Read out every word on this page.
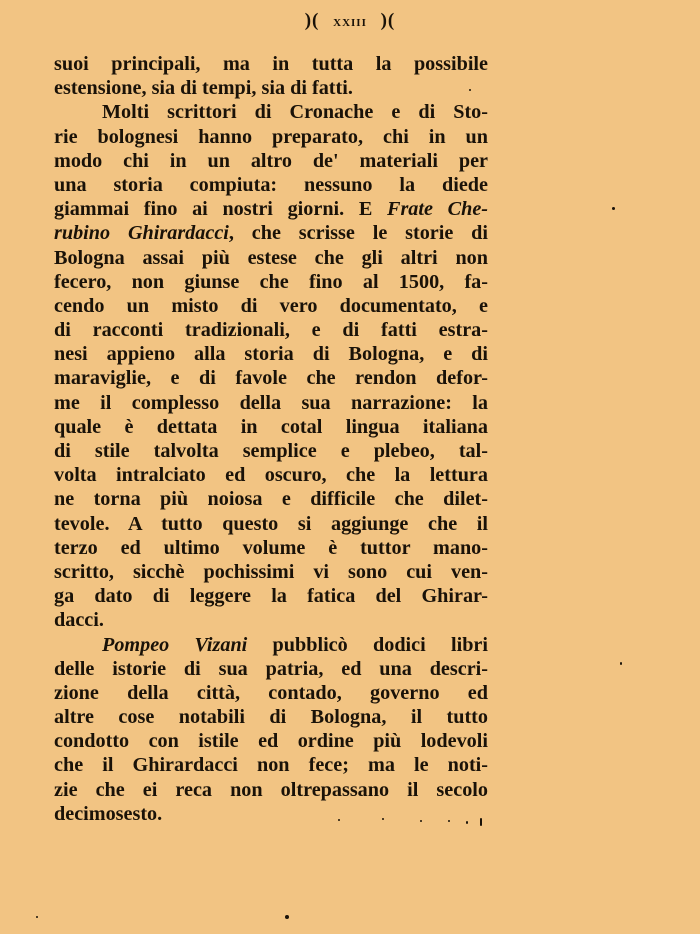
)( xxiii )(
suoi principali, ma in tutta la possibile
estensione, sia di tempi, sia di fatti.
Molti scrittori di Cronache e di Sto-
rie bolognesi hanno preparato, chi in un
modo chi in un altro de' materiali per
una storia compiuta: nessuno la diede
giammai fino ai nostri giorni. E Frate Che-
rubino Ghirardacci, che scrisse le storie di
Bologna assai più estese che gli altri non
fecero, non giunse che fino al 1500, fa-
cendo un misto di vero documentato, e
di racconti tradizionali, e di fatti estra-
nesi appieno alla storia di Bologna, e di
maraviglie, e di favole che rendon defor-
me il complesso della sua narrazione: la
quale è dettata in cotal lingua italiana
di stile talvolta semplice e plebeo, tal-
volta intralciato ed oscuro, che la lettura
ne torna più noiosa e difficile che dilet-
tevole. A tutto questo si aggiunge che il
terzo ed ultimo volume è tuttor mano-
scritto, sicchè pochissimi vi sono cui ven-
ga dato di leggere la fatica del Ghirar-
dacci.
Pompeo Vizani pubblicò dodici libri
delle istorie di sua patria, ed una descri-
zione della città, contado, governo ed
altre cose notabili di Bologna, il tutto
condotto con istile ed ordine più lodevoli
che il Ghirardacci non fece; ma le noti-
zie che ei reca non oltrepassano il secolo
decimosesto.
